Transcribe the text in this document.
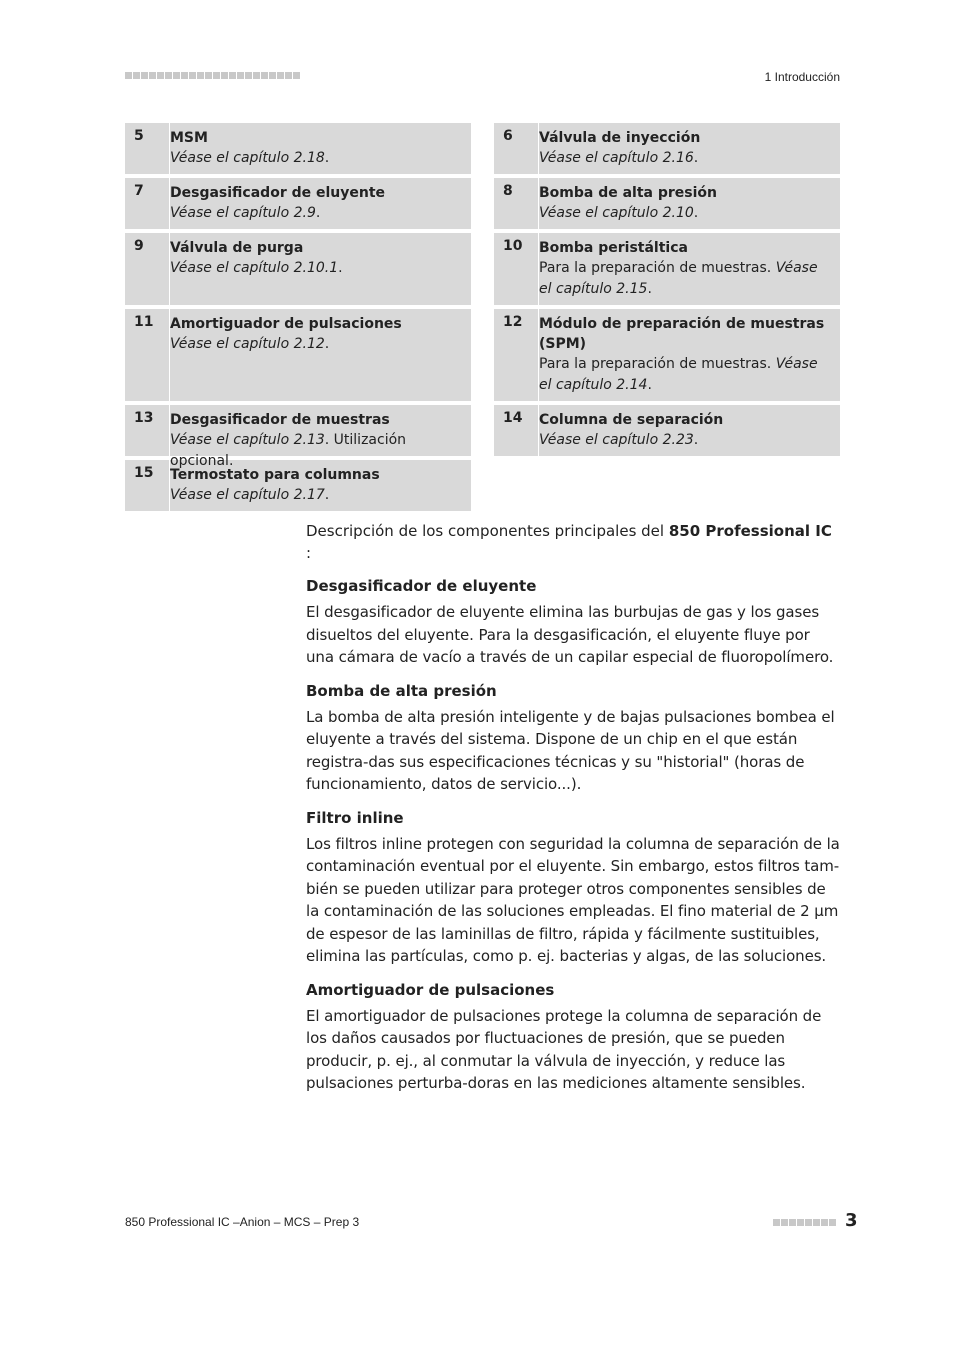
1 Introducción
5	MSM
Véase el capítulo 2.18.
7	Desgasificador de eluyente
Véase el capítulo 2.9.
9	Válvula de purga
Véase el capítulo 2.10.1.
11	Amortiguador de pulsaciones
Véase el capítulo 2.12.
13	Desgasificador de muestras
Véase el capítulo 2.13. Utilización opcional.
15	Termostato para columnas
Véase el capítulo 2.17.
6	Válvula de inyección
Véase el capítulo 2.16.
8	Bomba de alta presión
Véase el capítulo 2.10.
10	Bomba peristáltica
Para la preparación de muestras. Véase el capítulo 2.15.
12	Módulo de preparación de muestras (SPM)
Para la preparación de muestras. Véase el capítulo 2.14.
14	Columna de separación
Véase el capítulo 2.23.

Descripción de los componentes principales del 850 Professional IC :

Desgasificador de eluyente

El desgasificador de eluyente elimina las burbujas de gas y los gases disueltos del eluyente. Para la desgasificación, el eluyente fluye por una cámara de vacío a través de un capilar especial de fluoropolímero.

Bomba de alta presión

La bomba de alta presión inteligente y de bajas pulsaciones bombea el eluyente a través del sistema. Dispone de un chip en el que están registra-das sus especificaciones técnicas y su "historial" (horas de funcionamiento, datos de servicio...).

Filtro inline

Los filtros inline protegen con seguridad la columna de separación de la contaminación eventual por el eluyente. Sin embargo, estos filtros tam-bién se pueden utilizar para proteger otros componentes sensibles de la contaminación de las soluciones empleadas. El fino material de 2 µm de espesor de las laminillas de filtro, rápida y fácilmente sustituibles, elimina las partículas, como p. ej. bacterias y algas, de las soluciones.

Amortiguador de pulsaciones

El amortiguador de pulsaciones protege la columna de separación de los daños causados por fluctuaciones de presión, que se pueden producir, p. ej., al conmutar la válvula de inyección, y reduce las pulsaciones perturba-doras en las mediciones altamente sensibles.

850 Professional IC –Anion – MCS – Prep 3	3
